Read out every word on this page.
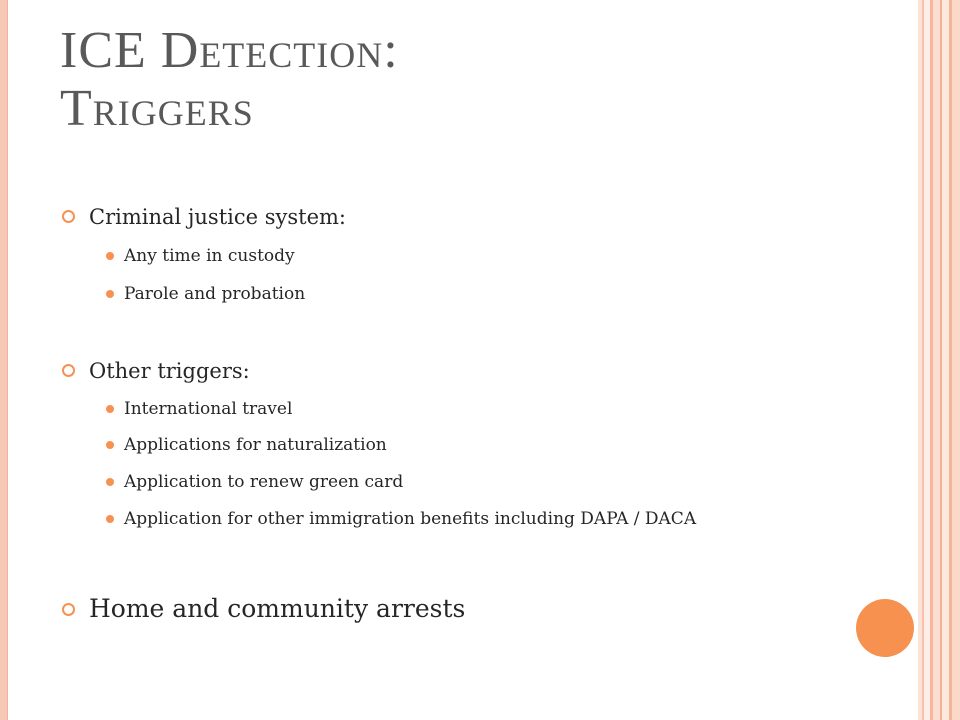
ICE Detection:
Triggers
Criminal justice system:
Any time in custody
Parole and probation
Other triggers:
International travel
Applications for naturalization
Application to renew green card
Application for other immigration benefits including DAPA / DACA
Home and community arrests
